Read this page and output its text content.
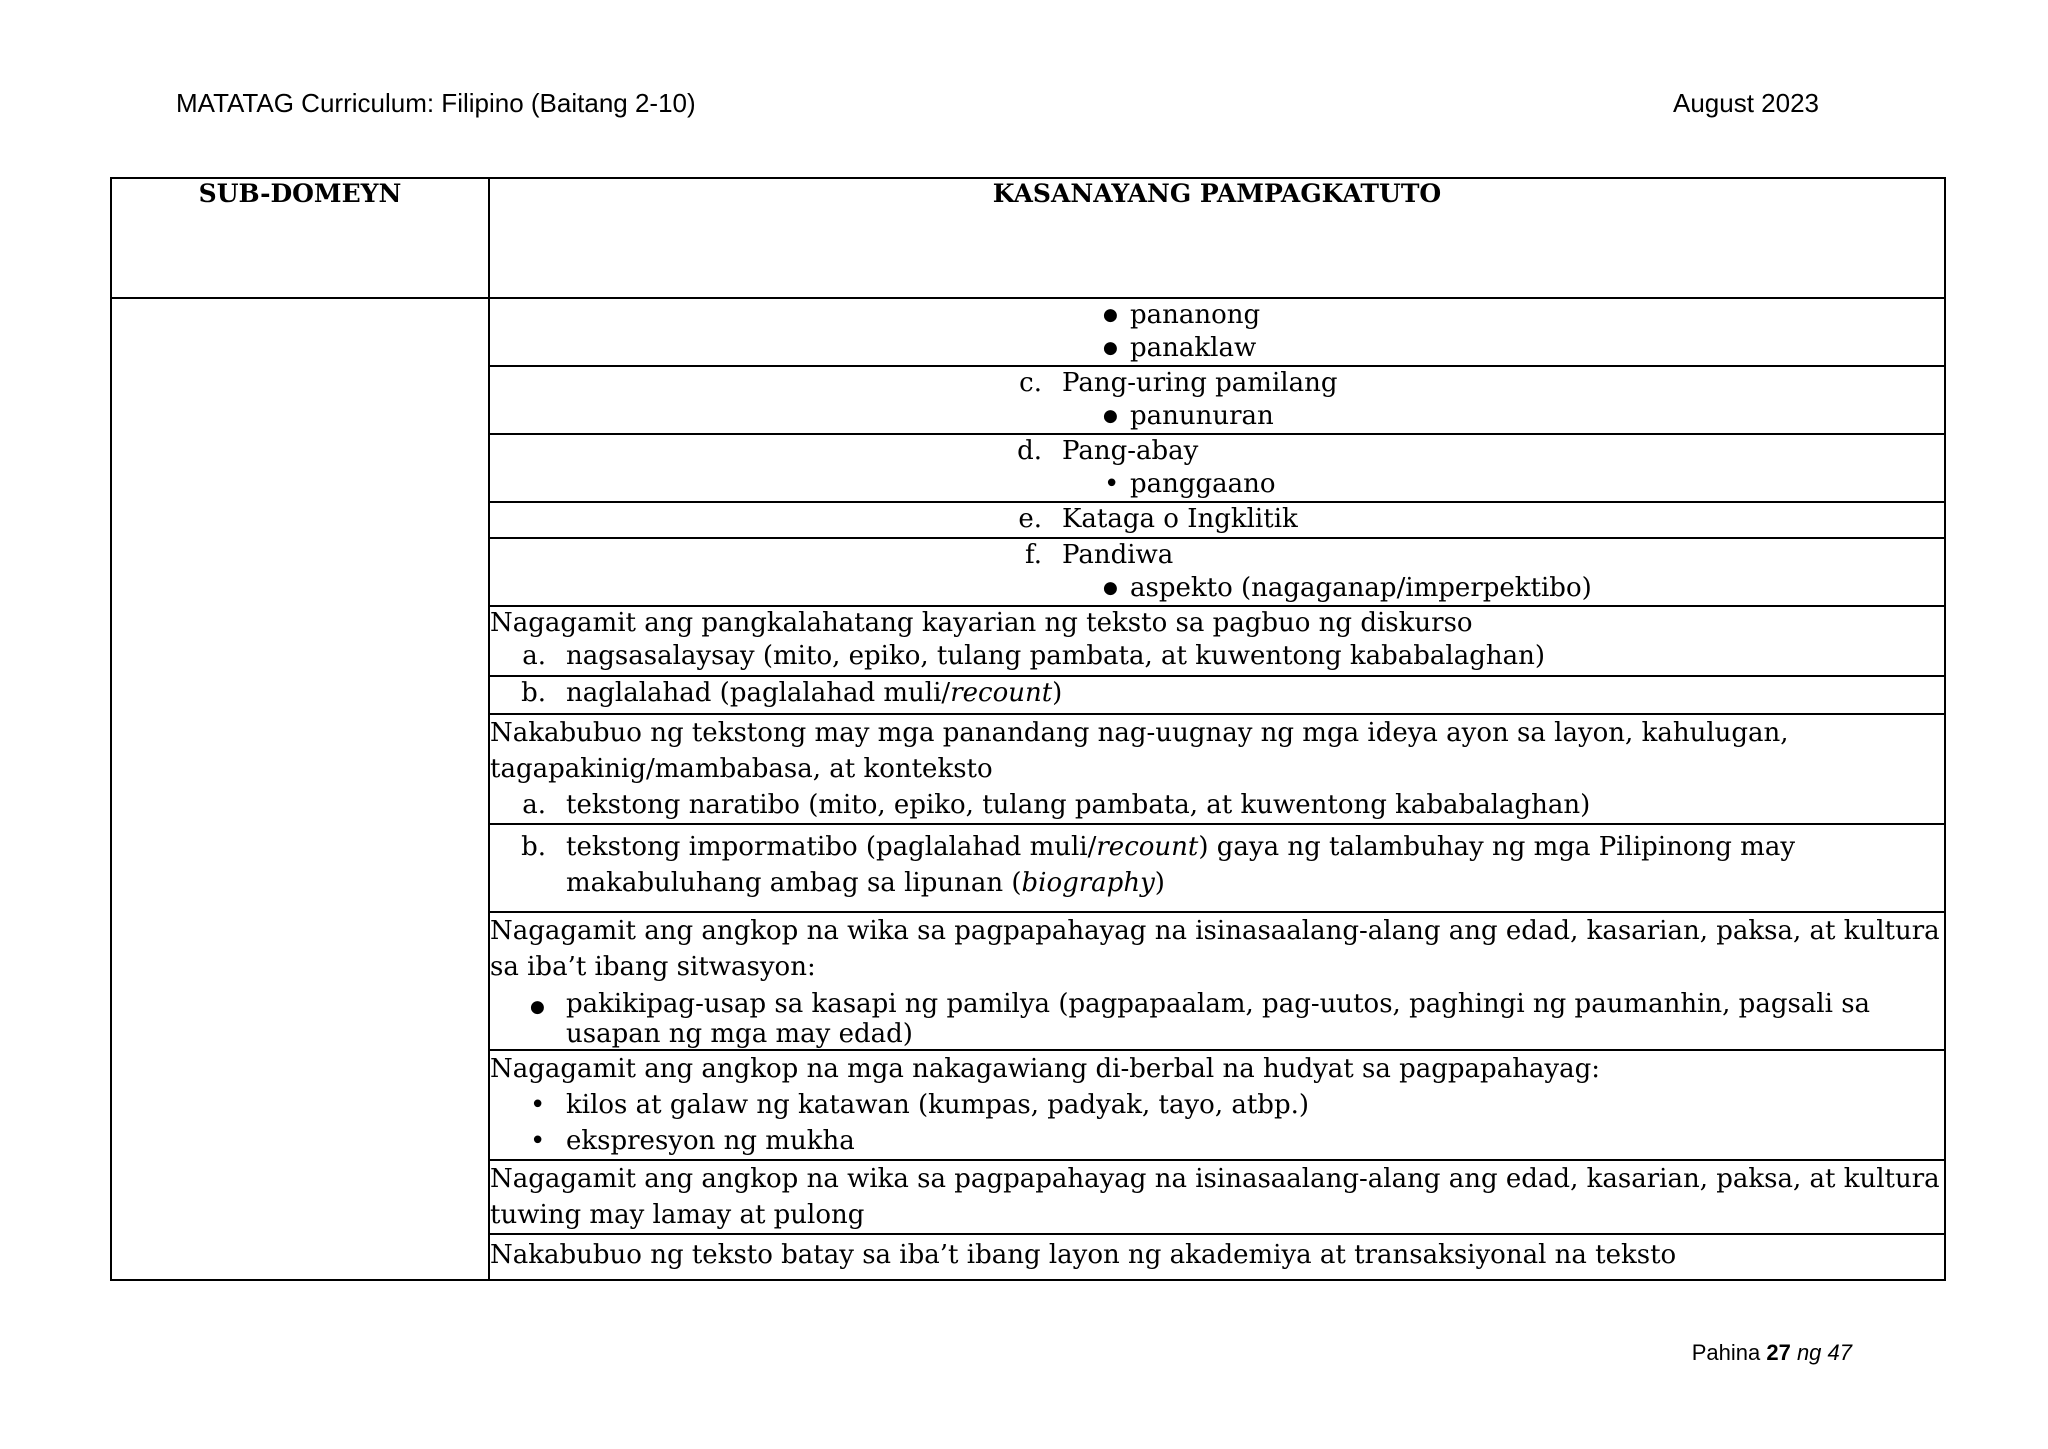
MATATAG Curriculum: Filipino (Baitang 2-10)	August 2023
SUB-DOMEYN	KASANAYANG PAMPAGKATUTO

	● pananong
● panaklaw

	c. Pang-uring pamilang
● panunuran

	d. Pang-abay
• panggaano

	e. Kataga o Ingklitik

	f. Pandiwa
● aspekto (nagaganap/imperpektibo)

	Nagagamit ang pangkalahatang kayarian ng teksto sa pagbuo ng diskurso
a. nagsasalaysay (mito, epiko, tulang pambata, at kuwentong kababalaghan)

	b. naglalahad (paglalahad muli/recount)

	Nakabubuo ng tekstong may mga panandang nag-uugnay ng mga ideya ayon sa layon, kahulugan, tagapakinig/mambabasa, at konteksto
a. tekstong naratibo (mito, epiko, tulang pambata, at kuwentong kababalaghan)

	b. tekstong impormatibo (paglalahad muli/recount) gaya ng talambuhay ng mga Pilipinong may makabuluhang ambag sa lipunan (biography)

	Nagagamit ang angkop na wika sa pagpapahayag na isinasaalang-alang ang edad, kasarian, paksa, at kultura sa iba’t ibang sitwasyon:
●
pakikipag-usap sa kasapi ng pamilya (pagpapaalam, pag-uutos, paghingi ng paumanhin, pagsali sa usapan ng mga may edad)

	Nagagamit ang angkop na mga nakagawiang di-berbal na hudyat sa pagpapahayag:
•
kilos at galaw ng katawan (kumpas, padyak, tayo, atbp.)
•
ekspresyon ng mukha

	Nagagamit ang angkop na wika sa pagpapahayag na isinasaalang-alang ang edad, kasarian, paksa, at kultura tuwing may lamay at pulong

	Nakabubuo ng teksto batay sa iba’t ibang layon ng akademiya at transaksiyonal na teksto
Pahina 27 ng 47
